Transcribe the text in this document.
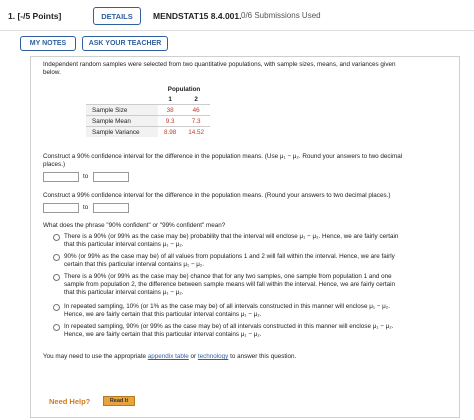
1. [-/5 Points]	DETAILS	MENDSTAT15 8.4.001. 0/6 Submissions Used
MY NOTES	ASK YOUR TEACHER
Independent random samples were selected from two quantitative populations, with sample sizes, means, and variances given
below.
	Population	
	1	2
Sample Size	38	46
Sample Mean	9.3	7.3
Sample Variance	8.98	14.52
Construct a 90% confidence interval for the difference in the population means. (Use μ₁ − μ₂. Round your answers to two decimal
places.)
to
Construct a 99% confidence interval for the difference in the population means. (Round your answers to two decimal places.)
to
What does the phrase "90% confident" or "99% confident" mean?
There is a 90% (or 99% as the case may be) probability that the interval will enclose μ₁ − μ₂. Hence, we are fairly certain
that this particular interval contains μ₁ − μ₂.
90% (or 99% as the case may be) of all values from populations 1 and 2 will fall within the interval. Hence, we are fairly
certain that this particular interval contains μ₁ − μ₂.
There is a 90% (or 99% as the case may be) chance that for any two samples, one sample from population 1 and one
sample from population 2, the difference between sample means will fall within the interval. Hence, we are fairly certain
that this particular interval contains μ₁ − μ₂.
In repeated sampling, 10% (or 1% as the case may be) of all intervals constructed in this manner will enclose μ₁ − μ₂.
Hence, we are fairly certain that this particular interval contains μ₁ − μ₂.
In repeated sampling, 90% (or 99% as the case may be) of all intervals constructed in this manner will enclose μ₁ − μ₂.
Hence, we are fairly certain that this particular interval contains μ₁ − μ₂.
You may need to use the appropriate appendix table or technology to answer this question.
Need Help?	Read It
